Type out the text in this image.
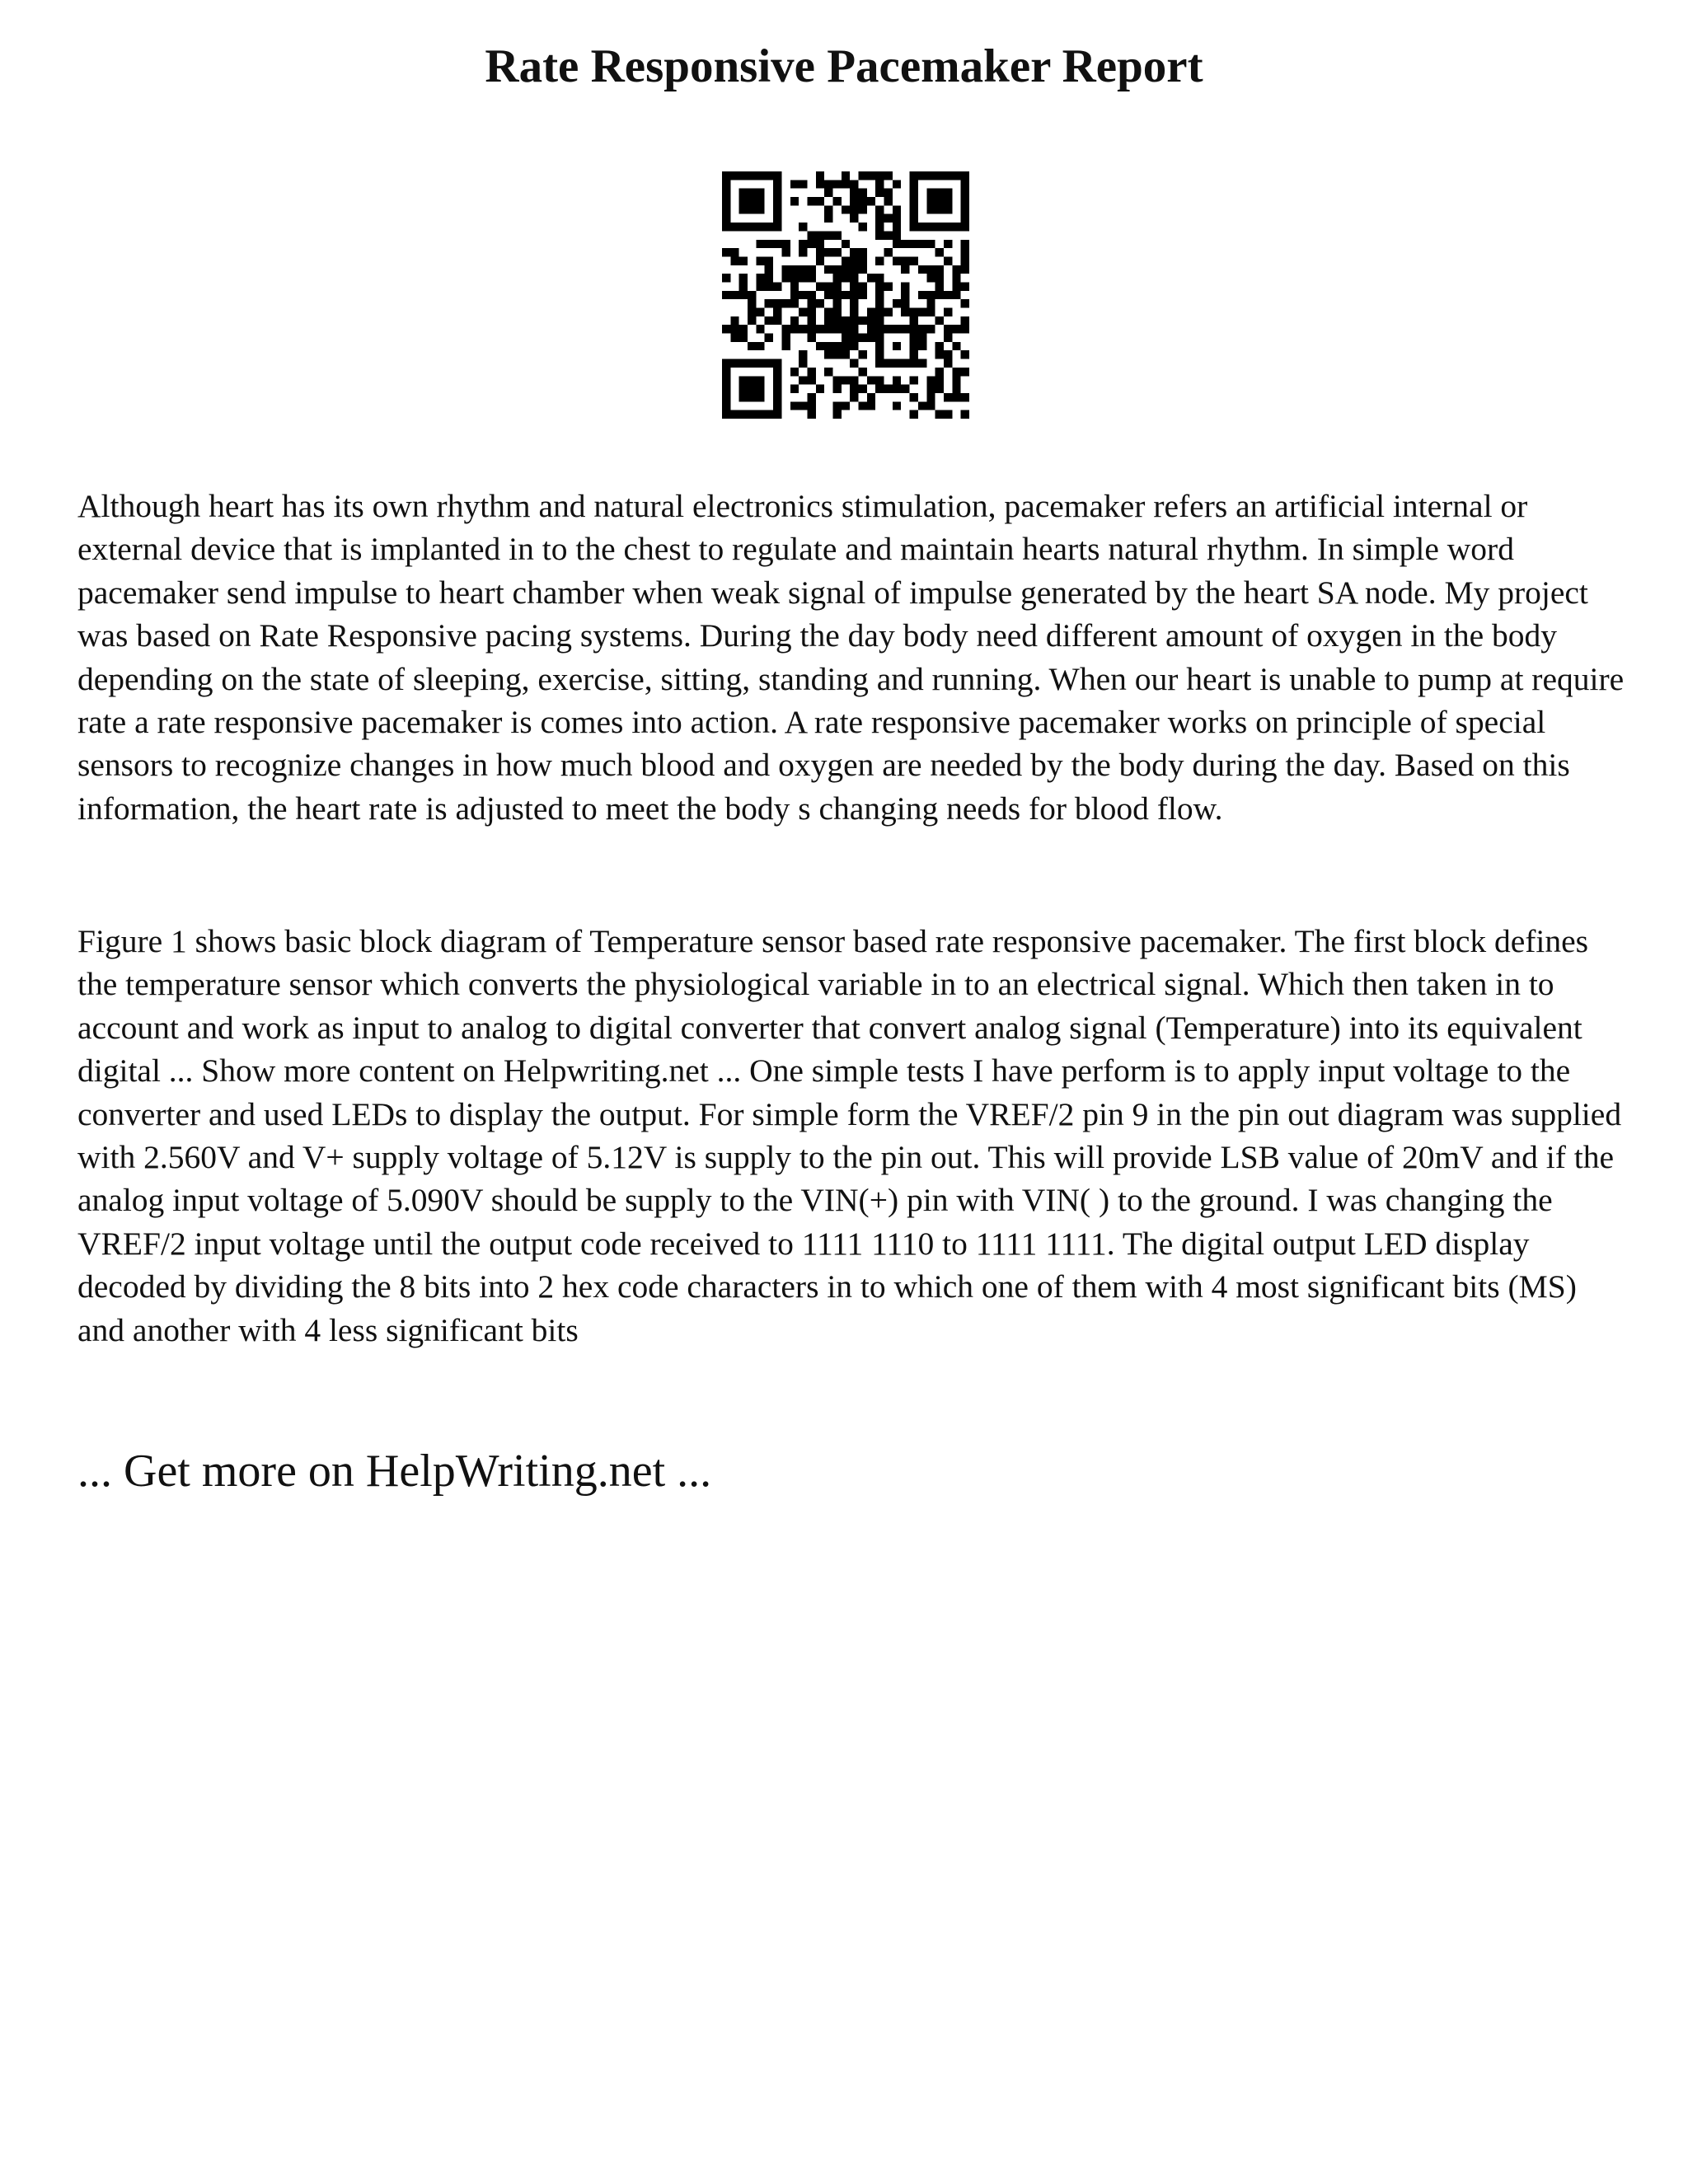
Rate Responsive Pacemaker Report

Although heart has its own rhythm and natural electronics stimulation, pacemaker refers an artificial internal or external device that is implanted in to the chest to regulate and maintain hearts natural rhythm. In simple word pacemaker send impulse to heart chamber when weak signal of impulse generated by the heart SA node. My project was based on Rate Responsive pacing systems. During the day body need different amount of oxygen in the body depending on the state of sleeping, exercise, sitting, standing and running. When our heart is unable to pump at require rate a rate responsive pacemaker is comes into action. A rate responsive pacemaker works on principle of special sensors to recognize changes in how much blood and oxygen are needed by the body during the day. Based on this information, the heart rate is adjusted to meet the body s changing needs for blood flow.

Figure 1 shows basic block diagram of Temperature sensor based rate responsive pacemaker. The first block defines the temperature sensor which converts the physiological variable in to an electrical signal. Which then taken in to account and work as input to analog to digital converter that convert analog signal (Temperature) into its equivalent digital ... Show more content on Helpwriting.net ... One simple tests I have perform is to apply input voltage to the converter and used LEDs to display the output. For simple form the VREF/2 pin 9 in the pin out diagram was supplied with 2.560V and V+ supply voltage of 5.12V is supply to the pin out. This will provide LSB value of 20mV and if the analog input voltage of 5.090V should be supply to the VIN(+) pin with VIN( ) to the ground. I was changing the VREF/2 input voltage until the output code received to 1111 1110 to 1111 1111. The digital output LED display decoded by dividing the 8 bits into 2 hex code characters in to which one of them with 4 most significant bits (MS) and another with 4 less significant bits

... Get more on HelpWriting.net ...
